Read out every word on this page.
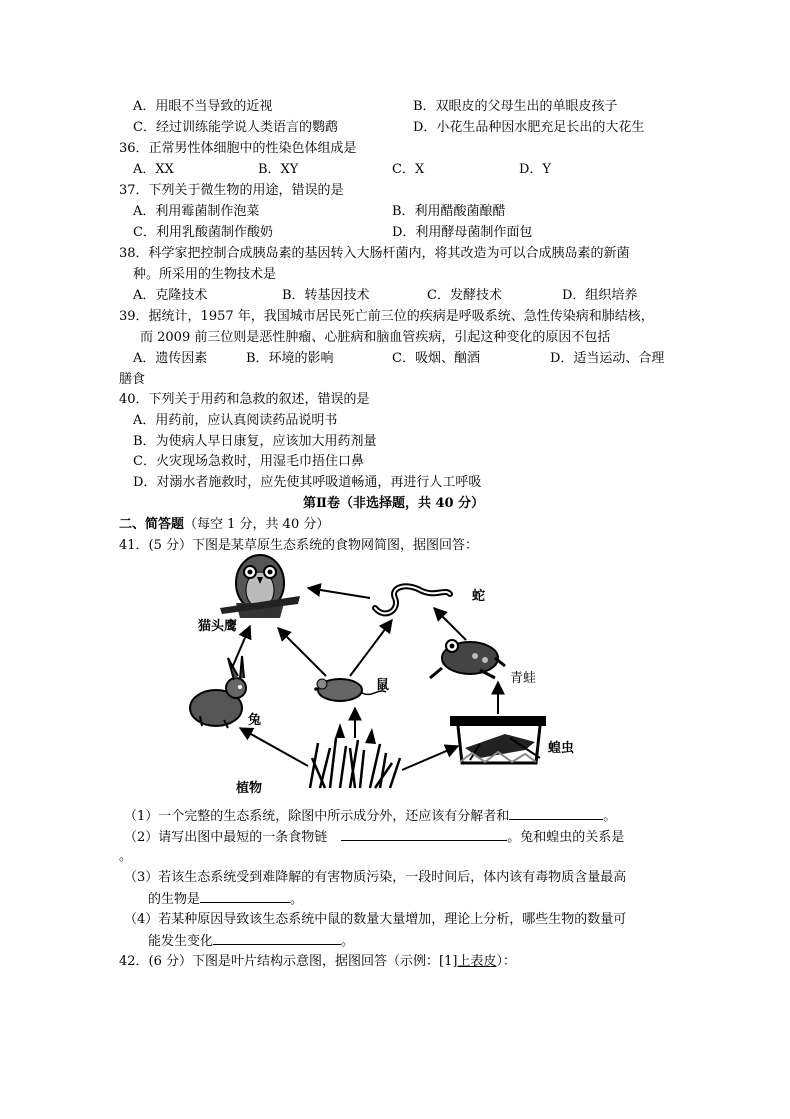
A．用眼不当导致的近视	B．双眼皮的父母生出的单眼皮孩子
C．经过训练能学说人类语言的鹦鹉	D．小花生品种因水肥充足长出的大花生
36．正常男性体细胞中的性染色体组成是
A．XX	B．XY	C．X	D．Y
37．下列关于微生物的用途，错误的是
A．利用霉菌制作泡菜	B．利用醋酸菌酿醋
C．利用乳酸菌制作酸奶	D．利用酵母菌制作面包
38．科学家把控制合成胰岛素的基因转入大肠杆菌内，将其改造为可以合成胰岛素的新菌
种。所采用的生物技术是
A．克隆技术	B．转基因技术	C．发酵技术	D．组织培养
39．据统计，1957 年，我国城市居民死亡前三位的疾病是呼吸系统、急性传染病和肺结核，
而 2009 前三位则是恶性肿瘤、心脏病和脑血管疾病，引起这种变化的原因不包括
A．遗传因素	B．环境的影响	C．吸烟、酗酒	D．适当运动、合理
膳食
40．下列关于用药和急救的叙述，错误的是
A．用药前，应认真阅读药品说明书
B．为使病人早日康复，应该加大用药剂量
C．火灾现场急救时，用湿毛巾捂住口鼻
D．对溺水者施救时，应先使其呼吸道畅通，再进行人工呼吸
第Ⅱ卷（非选择题，共 40 分）
二、简答题（每空 1 分，共 40 分）
41．(5 分）下图是某草原生态系统的食物网简图，据图回答：
猫头鹰
蛇
青蛙
鼠
兔
蝗虫
植物
（1）一个完整的生态系统，除图中所示成分外，还应该有分解者和	。
（2）请写出图中最短的一条食物链	。兔和蝗虫的关系是
。
（3）若该生态系统受到难降解的有害物质污染，一段时间后，体内该有毒物质含量最高
的生物是	。
（4）若某种原因导致该生态系统中鼠的数量大量增加，理论上分析，哪些生物的数量可
能发生变化	。
42．(6 分）下图是叶片结构示意图，据图回答（示例：[1]上表皮）：
